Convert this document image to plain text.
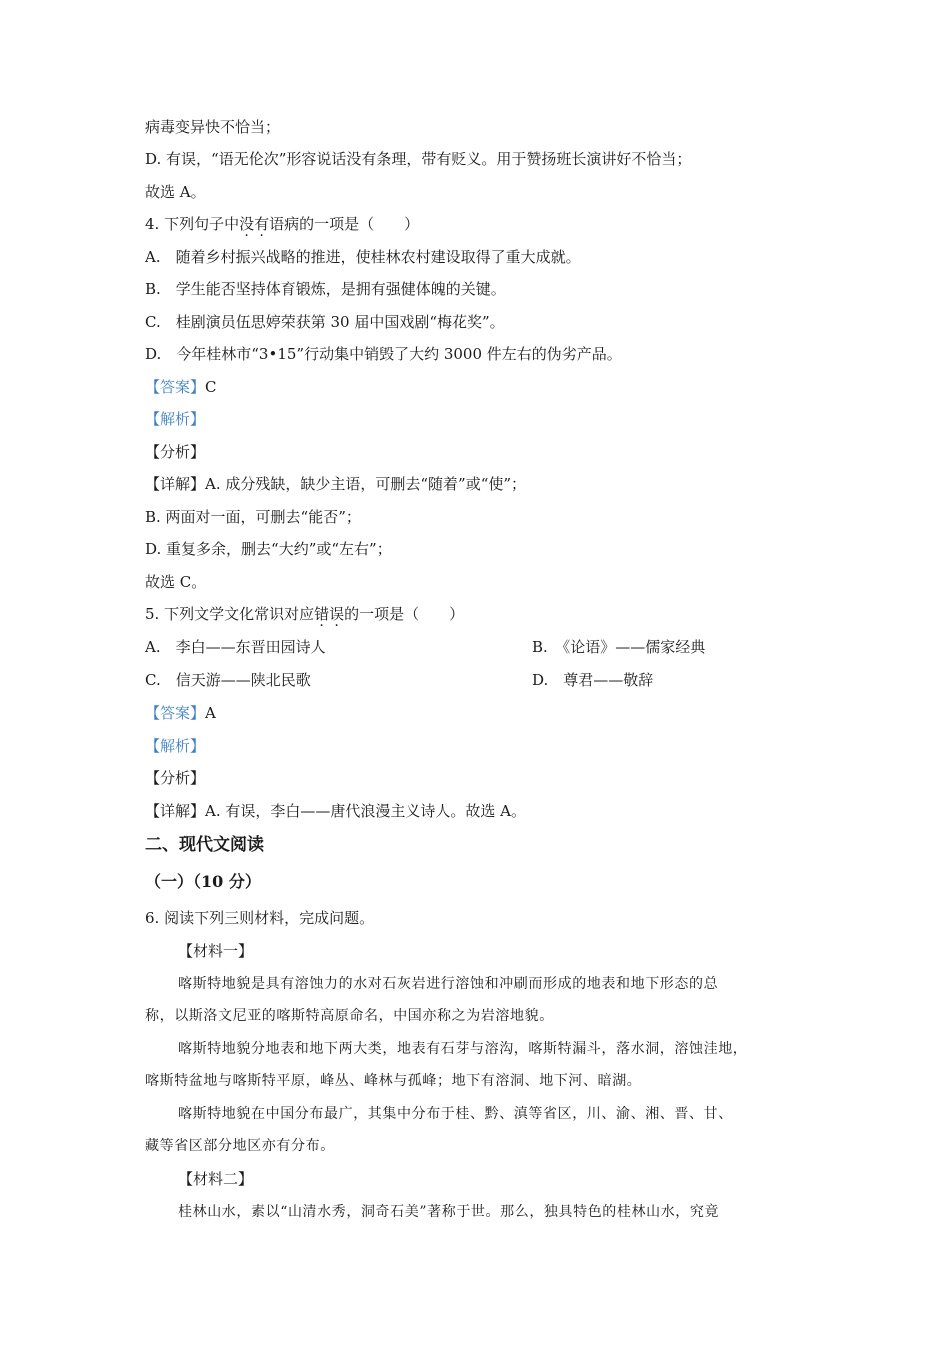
病毒变异快不恰当；
D. 有误，“语无伦次”形容说话没有条理，带有贬义。用于赞扬班长演讲好不恰当；
故选 A。
4. 下列句子中没有语病的一项是（　　）
A.　随着乡村振兴战略的推进，使桂林农村建设取得了重大成就。
B.　学生能否坚持体育锻炼，是拥有强健体魄的关键。
C.　桂剧演员伍思婷荣获第 30 届中国戏剧“梅花奖”。
D.　今年桂林市“3•15”行动集中销毁了大约 3000 件左右的伪劣产品。
【答案】C
【解析】
【分析】
【详解】A. 成分残缺，缺少主语，可删去“随着”或“使”；
B. 两面对一面，可删去“能否”；
D. 重复多余，删去“大约”或“左右”；
故选 C。
5. 下列文学文化常识对应错误的一项是（　　）
A.　李白——东晋田园诗人	B.　《论语》——儒家经典
C.　信天游——陕北民歌	D.　尊君——敬辞
【答案】A
【解析】
【分析】
【详解】A. 有误，李白——唐代浪漫主义诗人。故选 A。
二、现代文阅读
（一）（10 分）
6. 阅读下列三则材料，完成问题。
【材料一】
喀斯特地貌是具有溶蚀力的水对石灰岩进行溶蚀和冲刷而形成的地表和地下形态的总
称，以斯洛文尼亚的喀斯特高原命名，中国亦称之为岩溶地貌。
喀斯特地貌分地表和地下两大类，地表有石芽与溶沟，喀斯特漏斗，落水洞，溶蚀洼地，
喀斯特盆地与喀斯特平原，峰丛、峰林与孤峰；地下有溶洞、地下河、暗湖。
喀斯特地貌在中国分布最广，其集中分布于桂、黔、滇等省区，川、渝、湘、晋、甘、
藏等省区部分地区亦有分布。
【材料二】
桂林山水，素以“山清水秀，洞奇石美”著称于世。那么，独具特色的桂林山水，究竟
